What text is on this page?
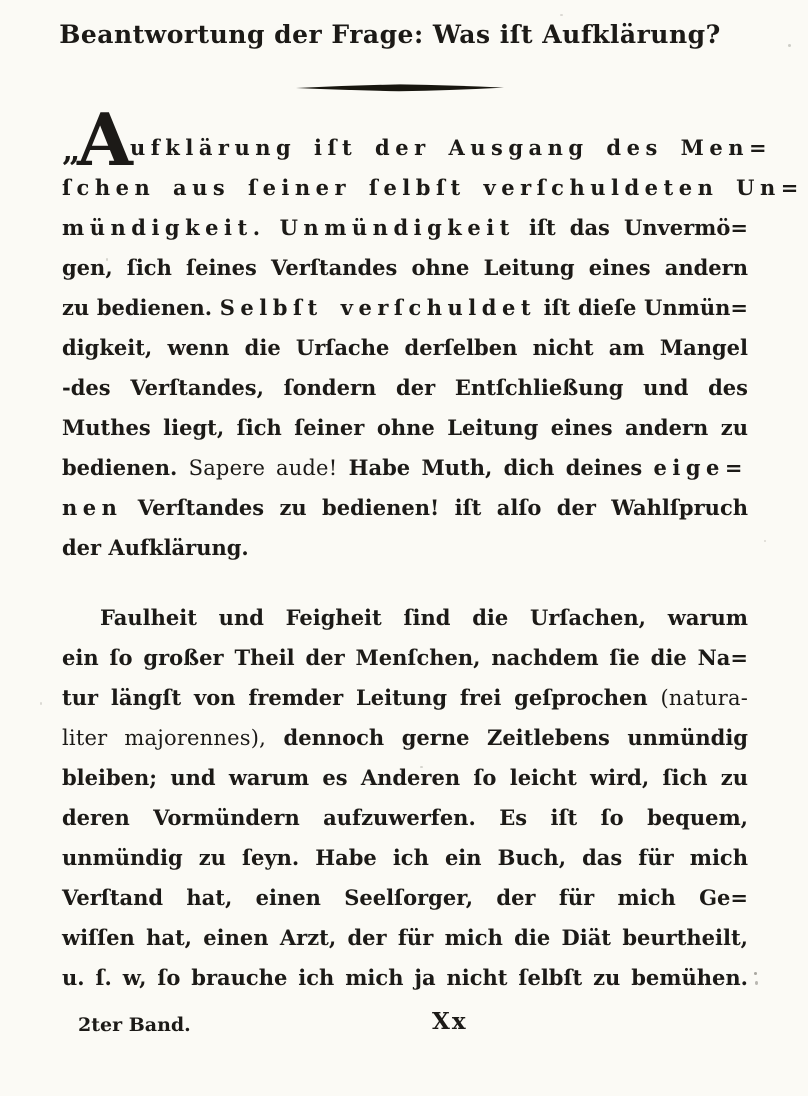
Beantwortung der Frage: Was iſt Aufklärung?
„
A
ufklärung iſt der Ausgang des Men=
ſchen aus ſeiner ſelbſt verſchuldeten Un=
mündigkeit. Unmündigkeit iſt das Unvermö=
gen, ſich ſeines Verſtandes ohne Leitung eines andern
zu bedienen. Selbſt verſchuldet iſt dieſe Unmün=
digkeit, wenn die Urſache derſelben nicht am Mangel
-des Verſtandes, ſondern der Entſchließung und des
Muthes liegt, ſich ſeiner ohne Leitung eines andern zu
bedienen. Sapere aude! Habe Muth, dich deines eige=
nen Verſtandes zu bedienen! iſt alſo der Wahlſpruch
der Aufklärung.
Faulheit und Feigheit ſind die Urſachen, warum
ein ſo großer Theil der Menſchen, nachdem ſie die Na=
tur längſt von fremder Leitung frei geſprochen (natura-
liter majorennes), dennoch gerne Zeitlebens unmündig
bleiben; und warum es Anderen ſo leicht wird, ſich zu
deren Vormündern aufzuwerfen. Es iſt ſo bequem,
unmündig zu ſeyn. Habe ich ein Buch, das für mich
Verſtand hat, einen Seelſorger, der für mich Ge=
wiſſen hat, einen Arzt, der für mich die Diät beurtheilt,
u. ſ. w, ſo brauche ich mich ja nicht ſelbſt zu bemühen.
2ter Band.	Xx
